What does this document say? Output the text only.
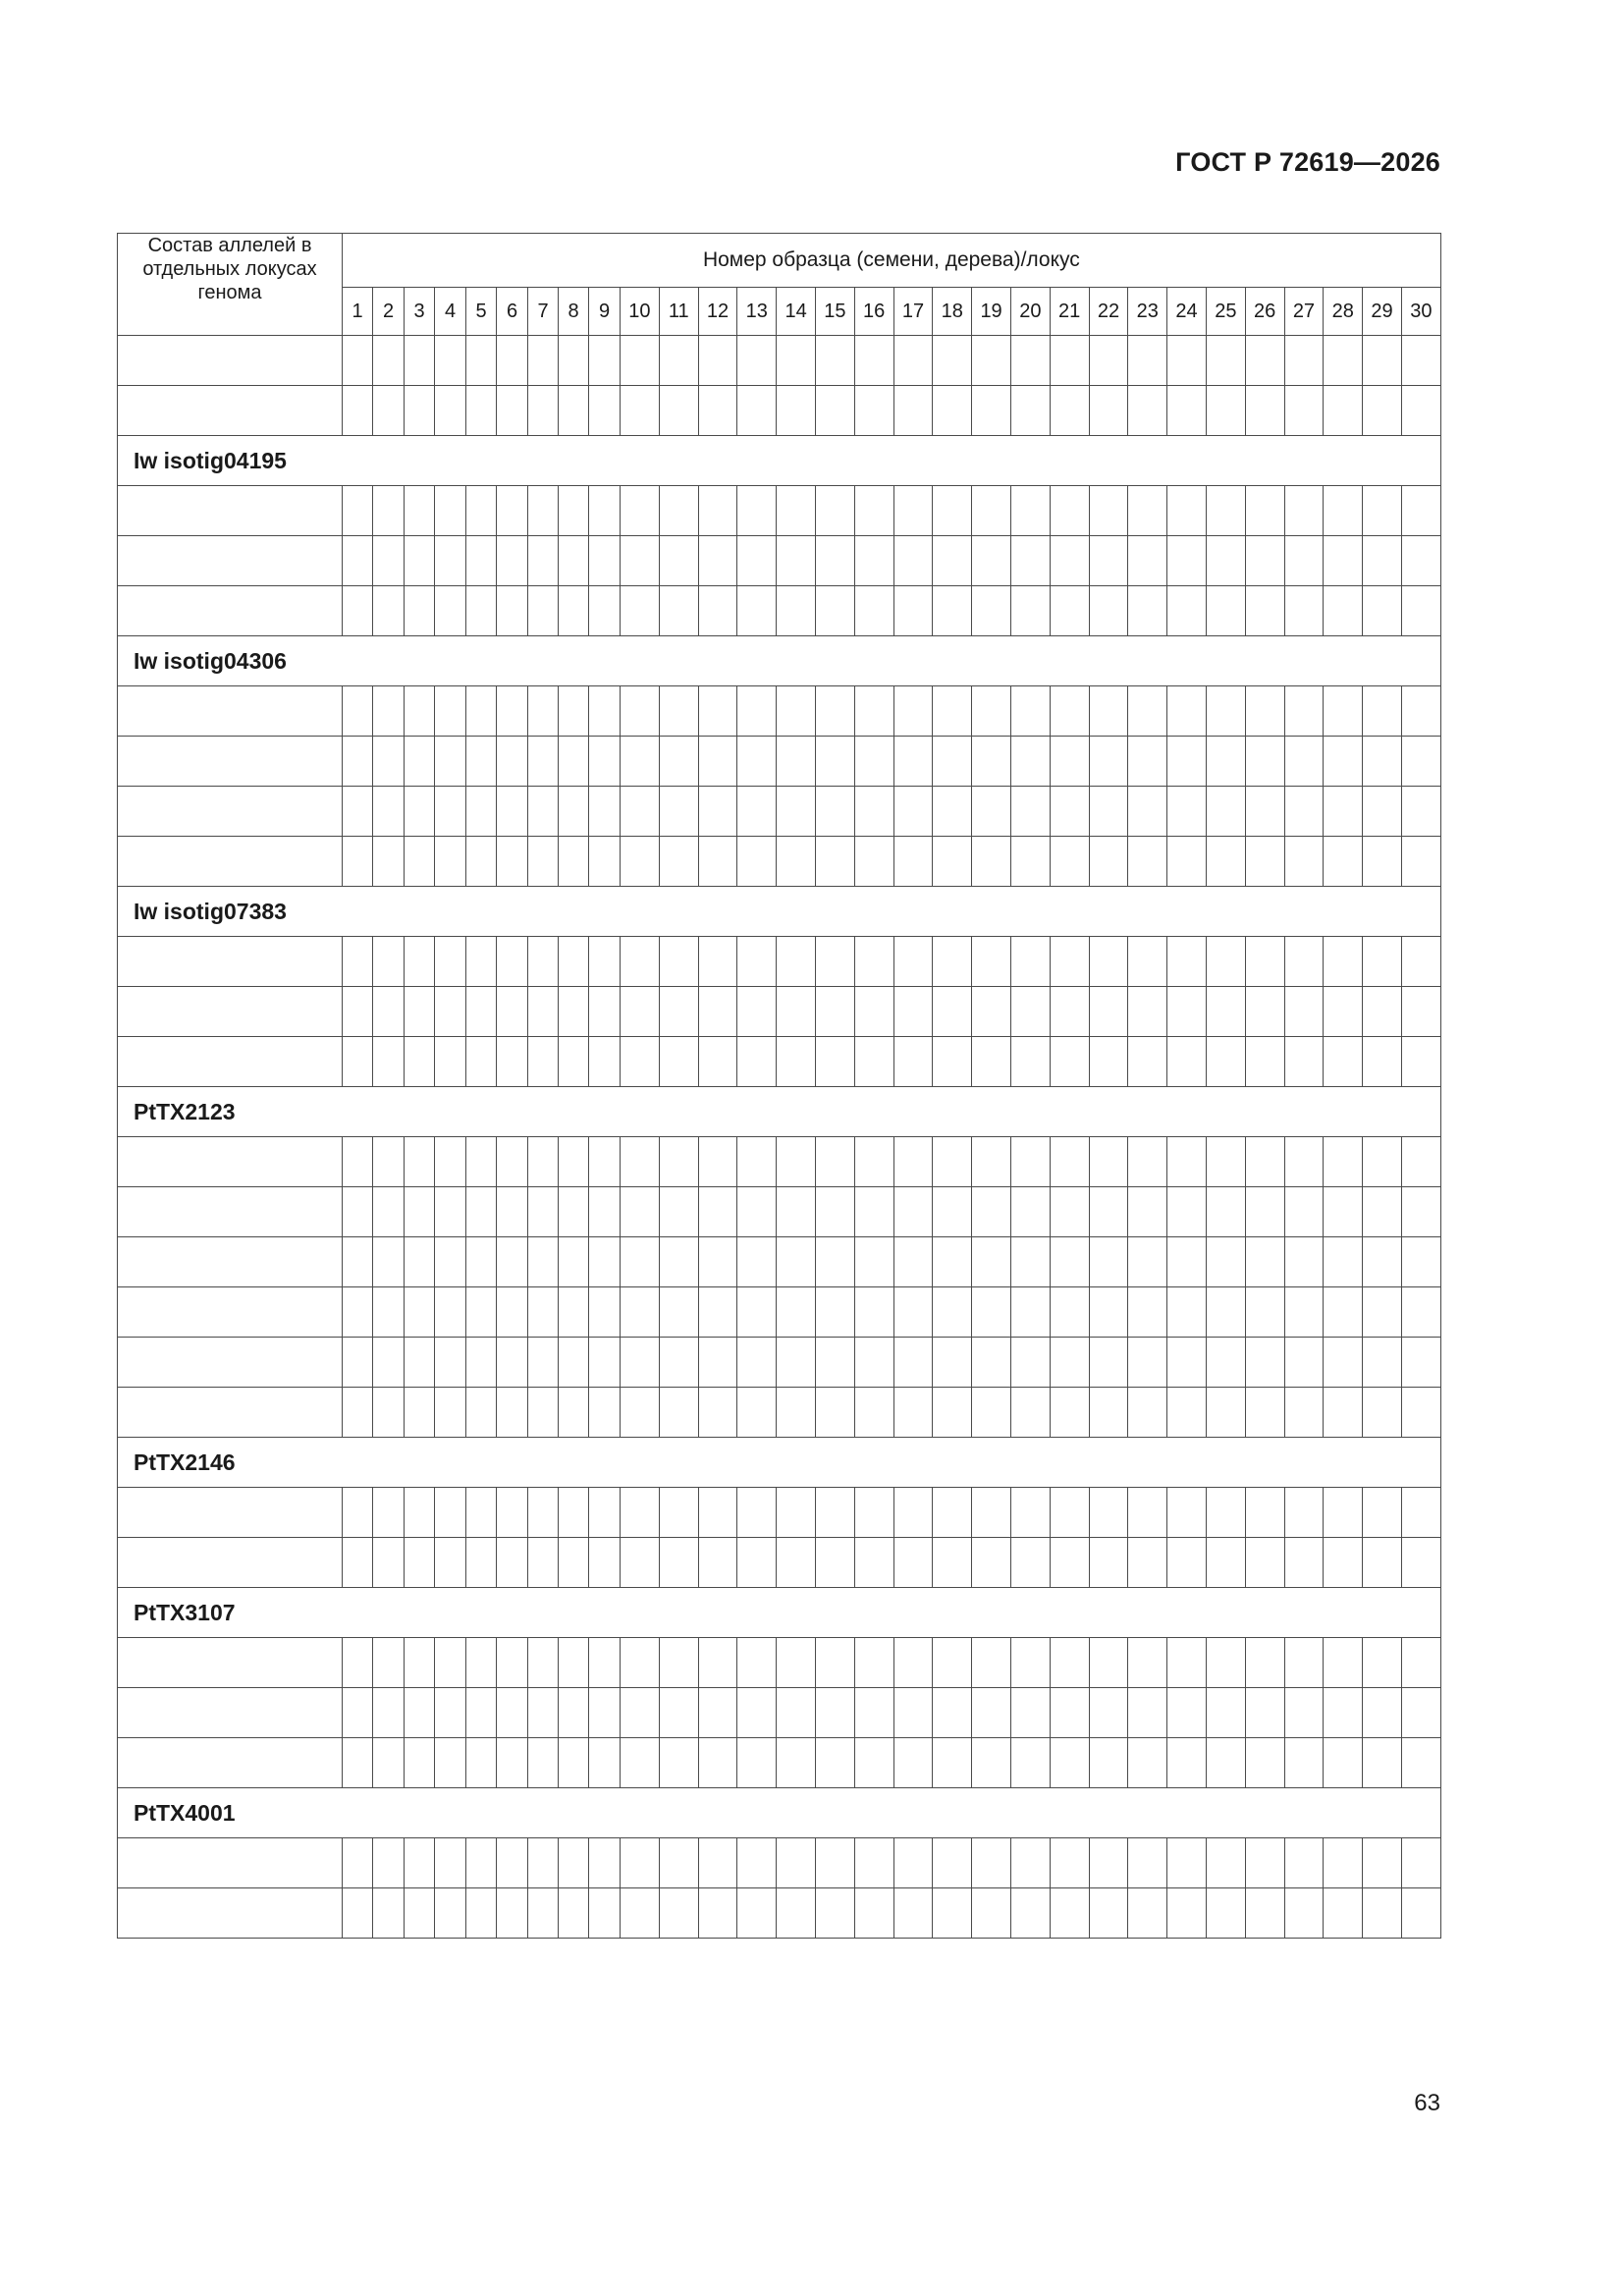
ГОСТ Р 72619—2026
Состав аллелей в отдельных локусах генома	Номер образца (семени, дерева)/локус																													
	1	2	3	4	5	6	7	8	9	10	11	12	13	14	15	16	17	18	19	20	21	22	23	24	25	26	27	28	29	30

Iw isotig04195																														

Iw isotig04306																														

Iw isotig07383																														

PtTX2123																														

PtTX2146																														

PtTX3107																														

PtTX4001																														

63
